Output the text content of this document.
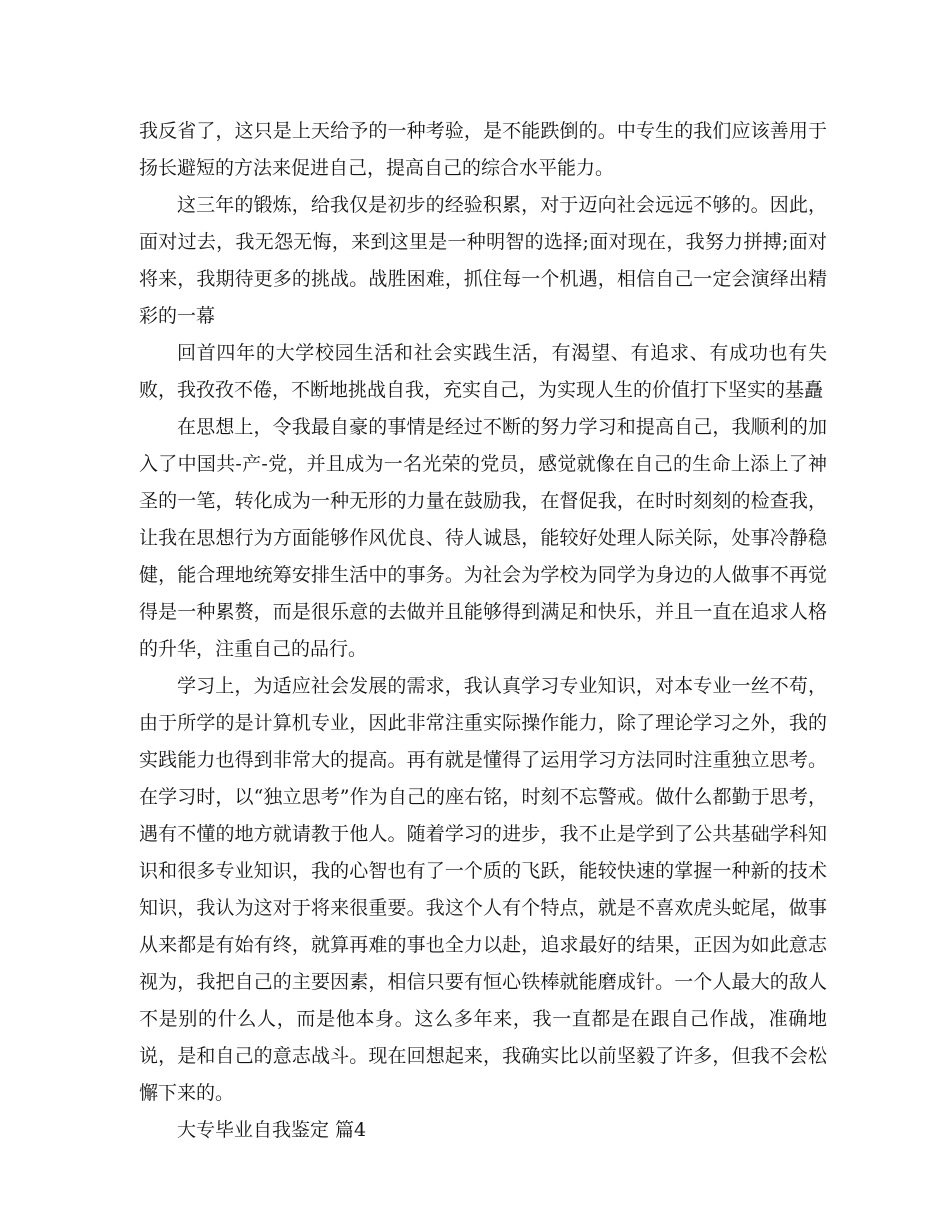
我反省了，这只是上天给予的一种考验，是不能跌倒的。中专生的我们应该善用于扬长避短的方法来促进自己，提高自己的综合水平能力。

这三年的锻炼，给我仅是初步的经验积累，对于迈向社会远远不够的。因此，面对过去，我无怨无悔，来到这里是一种明智的选择;面对现在，我努力拼搏;面对将来，我期待更多的挑战。战胜困难，抓住每一个机遇，相信自己一定会演绎出精彩的一幕

回首四年的大学校园生活和社会实践生活，有渴望、有追求、有成功也有失败，我孜孜不倦，不断地挑战自我，充实自己，为实现人生的价值打下坚实的基矗

在思想上，令我最自豪的事情是经过不断的努力学习和提高自己，我顺利的加入了中国共-产-党，并且成为一名光荣的党员，感觉就像在自己的生命上添上了神圣的一笔，转化成为一种无形的力量在鼓励我，在督促我，在时时刻刻的检查我，让我在思想行为方面能够作风优良、待人诚恳，能较好处理人际关际，处事冷静稳健，能合理地统筹安排生活中的事务。为社会为学校为同学为身边的人做事不再觉得是一种累赘，而是很乐意的去做并且能够得到满足和快乐，并且一直在追求人格的升华，注重自己的品行。

学习上，为适应社会发展的需求，我认真学习专业知识，对本专业一丝不苟，由于所学的是计算机专业，因此非常注重实际操作能力，除了理论学习之外，我的实践能力也得到非常大的提高。再有就是懂得了运用学习方法同时注重独立思考。在学习时，以“独立思考”作为自己的座右铭，时刻不忘警戒。做什么都勤于思考，遇有不懂的地方就请教于他人。随着学习的进步，我不止是学到了公共基础学科知识和很多专业知识，我的心智也有了一个质的飞跃，能较快速的掌握一种新的技术知识，我认为这对于将来很重要。我这个人有个特点，就是不喜欢虎头蛇尾，做事从来都是有始有终，就算再难的事也全力以赴，追求最好的结果，正因为如此意志视为，我把自己的主要因素，相信只要有恒心铁棒就能磨成针。一个人最大的敌人不是别的什么人，而是他本身。这么多年来，我一直都是在跟自己作战，准确地说，是和自己的意志战斗。现在回想起来，我确实比以前坚毅了许多，但我不会松懈下来的。

大专毕业自我鉴定 篇4
